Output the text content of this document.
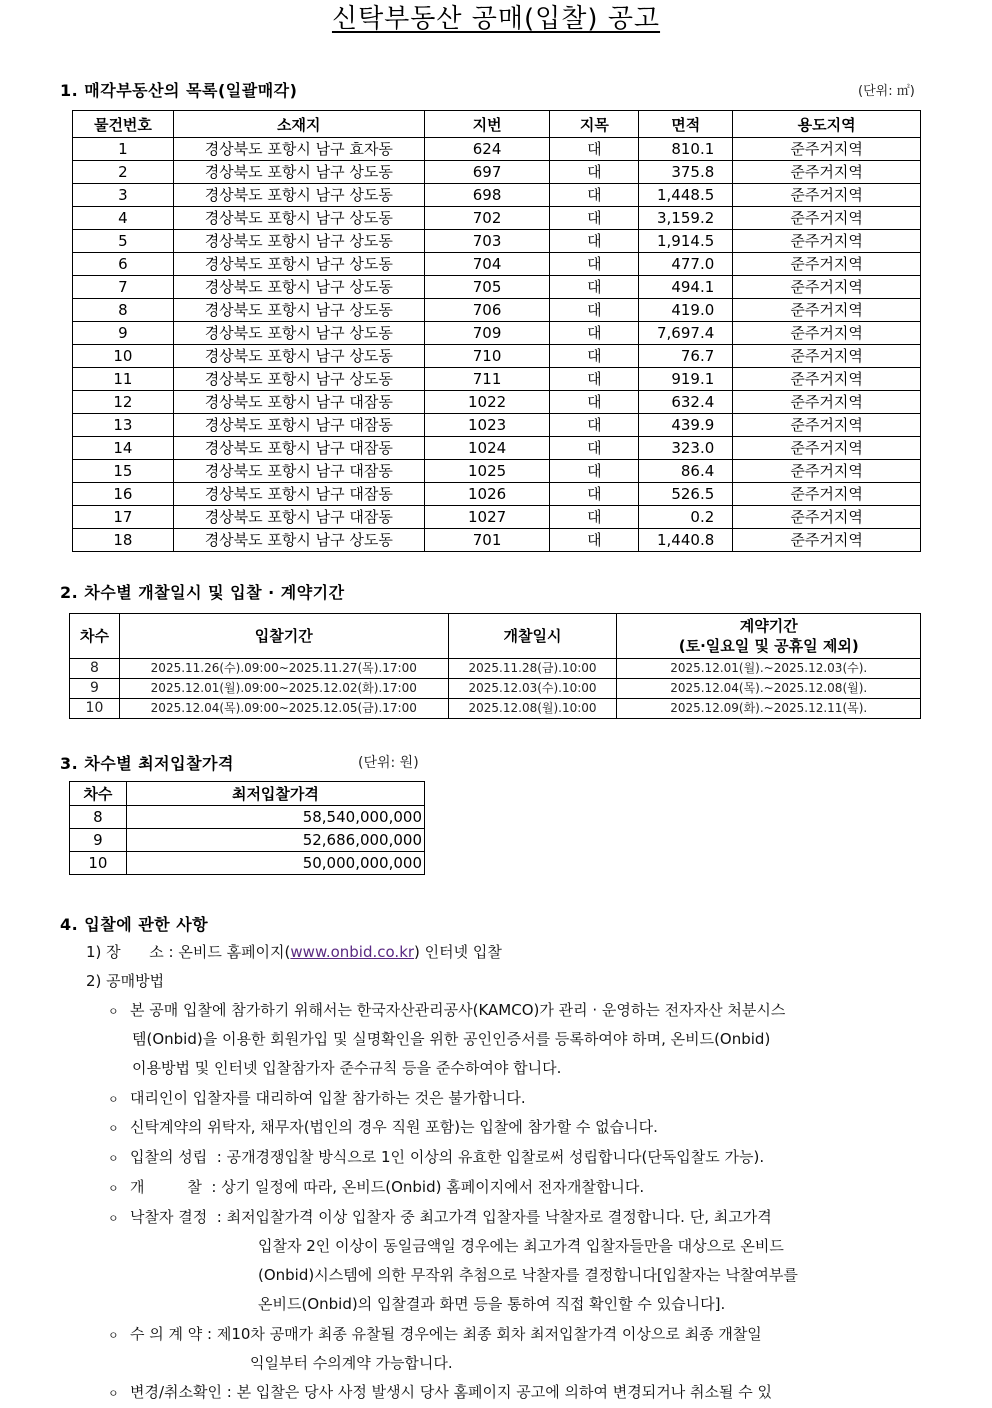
신탁부동산 공매(입찰) 공고
1. 매각부동산의 목록(일괄매각)	(단위: ㎡)
물건번호	소재지	지번	지목	면적	용도지역
1	경상북도 포항시 남구 효자동	624	대	810.1	준주거지역
2	경상북도 포항시 남구 상도동	697	대	375.8	준주거지역
3	경상북도 포항시 남구 상도동	698	대	1,448.5	준주거지역
4	경상북도 포항시 남구 상도동	702	대	3,159.2	준주거지역
5	경상북도 포항시 남구 상도동	703	대	1,914.5	준주거지역
6	경상북도 포항시 남구 상도동	704	대	477.0	준주거지역
7	경상북도 포항시 남구 상도동	705	대	494.1	준주거지역
8	경상북도 포항시 남구 상도동	706	대	419.0	준주거지역
9	경상북도 포항시 남구 상도동	709	대	7,697.4	준주거지역
10	경상북도 포항시 남구 상도동	710	대	76.7	준주거지역
11	경상북도 포항시 남구 상도동	711	대	919.1	준주거지역
12	경상북도 포항시 남구 대잠동	1022	대	632.4	준주거지역
13	경상북도 포항시 남구 대잠동	1023	대	439.9	준주거지역
14	경상북도 포항시 남구 대잠동	1024	대	323.0	준주거지역
15	경상북도 포항시 남구 대잠동	1025	대	86.4	준주거지역
16	경상북도 포항시 남구 대잠동	1026	대	526.5	준주거지역
17	경상북도 포항시 남구 대잠동	1027	대	0.2	준주거지역
18	경상북도 포항시 남구 상도동	701	대	1,440.8	준주거지역
2. 차수별 개찰일시 및 입찰 · 계약기간
차수	입찰기간	개찰일시	계약기간
(토·일요일 및 공휴일 제외)

8	2025.11.26(수).09:00~2025.11.27(목).17:00	2025.11.28(금).10:00	2025.12.01(월).~2025.12.03(수).
9	2025.12.01(월).09:00~2025.12.02(화).17:00	2025.12.03(수).10:00	2025.12.04(목).~2025.12.08(월).
10	2025.12.04(목).09:00~2025.12.05(금).17:00	2025.12.08(월).10:00	2025.12.09(화).~2025.12.11(목).
3. 차수별 최저입찰가격	(단위: 원)
차수	최저입찰가격
8	58,540,000,000
9	52,686,000,000
10	50,000,000,000
4. 입찰에 관한 사항
1) 장      소 : 온비드 홈페이지(www.onbid.co.kr) 인터넷 입찰
2) 공매방법
ㅇ 본 공매 입찰에 참가하기 위해서는 한국자산관리공사(KAMCO)가 관리 · 운영하는 전자자산 처분시스
템(Onbid)을 이용한 회원가입 및 실명확인을 위한 공인인증서를 등록하여야 하며, 온비드(Onbid)
이용방법 및 인터넷 입찰참가자 준수규칙 등을 준수하여야 합니다.
ㅇ 대리인이 입찰자를 대리하여 입찰 참가하는 것은 불가합니다.
ㅇ 신탁계약의 위탁자, 채무자(법인의 경우 직원 포함)는 입찰에 참가할 수 없습니다.
ㅇ 입찰의 성립  : 공개경쟁입찰 방식으로 1인 이상의 유효한 입찰로써 성립합니다(단독입찰도 가능).
ㅇ 개         찰  : 상기 일정에 따라, 온비드(Onbid) 홈페이지에서 전자개찰합니다.
ㅇ 낙찰자 결정  : 최저입찰가격 이상 입찰자 중 최고가격 입찰자를 낙찰자로 결정합니다. 단, 최고가격
입찰자 2인 이상이 동일금액일 경우에는 최고가격 입찰자들만을 대상으로 온비드
(Onbid)시스템에 의한 무작위 추첨으로 낙찰자를 결정합니다[입찰자는 낙찰여부를
온비드(Onbid)의 입찰결과 화면 등을 통하여 직접 확인할 수 있습니다].
ㅇ 수 의 계 약 : 제10차 공매가 최종 유찰될 경우에는 최종 회차 최저입찰가격 이상으로 최종 개찰일
익일부터 수의계약 가능합니다.
ㅇ 변경/취소확인 : 본 입찰은 당사 사정 발생시 당사 홈페이지 공고에 의하여 변경되거나 취소될 수 있
